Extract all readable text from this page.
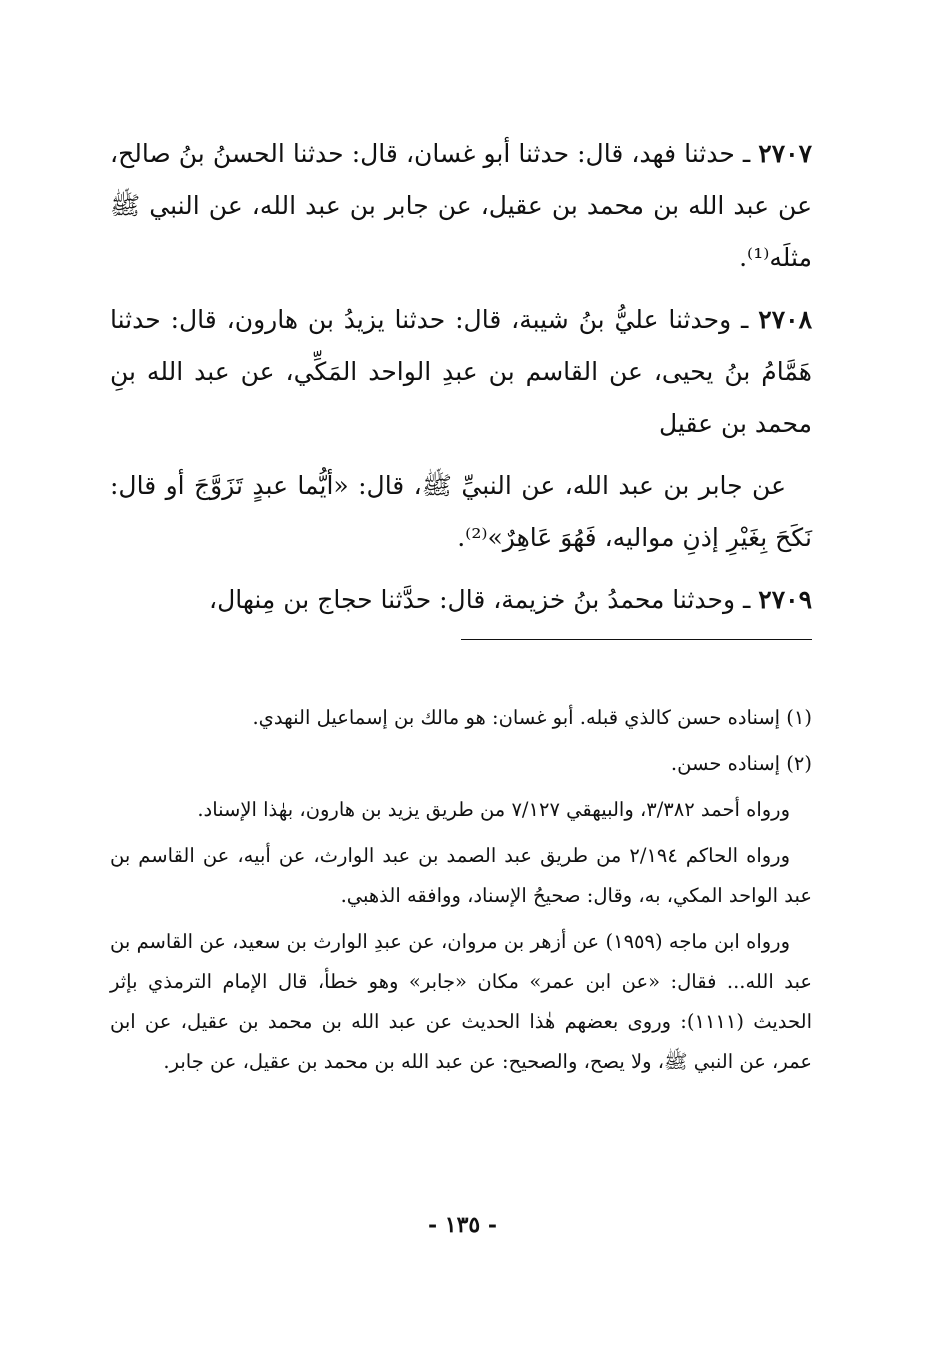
٢٧٠٧ ـ حدثنا فهد، قال: حدثنا أبو غسان، قال: حدثنا الحسنُ بنُ صالح، عن عبد الله بن محمد بن عقيل، عن جابر بن عبد الله، عن النبي ﷺ مثلَه⁽¹⁾.

٢٧٠٨ ـ وحدثنا عليُّ بنُ شيبة، قال: حدثنا يزيدُ بن هارون، قال: حدثنا هَمَّامُ بنُ يحيى، عن القاسم بن عبدِ الواحد المَكِّي، عن عبد الله بنِ محمد بن عقيل

عن جابر بن عبد الله، عن النبيِّ ﷺ، قال: «أيُّما عبدٍ تَزَوَّجَ أو قال: نَكَحَ بِغَيْرِ إذنِ مواليه، فَهُوَ عَاهِرٌ»⁽²⁾.

٢٧٠٩ ـ وحدثنا محمدُ بنُ خزيمة، قال: حدَّثنا حجاج بن مِنهال،

(١) إسناده حسن كالذي قبله. أبو غسان: هو مالك بن إسماعيل النهدي.

(٢) إسناده حسن.

ورواه أحمد ٣/٣٨٢، والبيهقي ٧/١٢٧ من طريق يزيد بن هارون، بهٰذا الإسناد.

ورواه الحاكم ٢/١٩٤ من طريق عبد الصمد بن عبد الوارث، عن أبيه، عن القاسم بن عبد الواحد المكي، به، وقال: صحيحُ الإسناد، ووافقه الذهبي.

ورواه ابن ماجه (١٩٥٩) عن أزهر بن مروان، عن عبدِ الوارث بن سعيد، عن القاسم بن عبد الله... فقال: «عن ابن عمر» مكان «جابر» وهو خطأ، قال الإمام الترمذي بإثر الحديث (١١١١): وروى بعضهم هٰذا الحديث عن عبد الله بن محمد بن عقيل، عن ابن عمر، عن النبي ﷺ، ولا يصح، والصحيح: عن عبد الله بن محمد بن عقيل، عن جابر.

- ١٣٥ -
